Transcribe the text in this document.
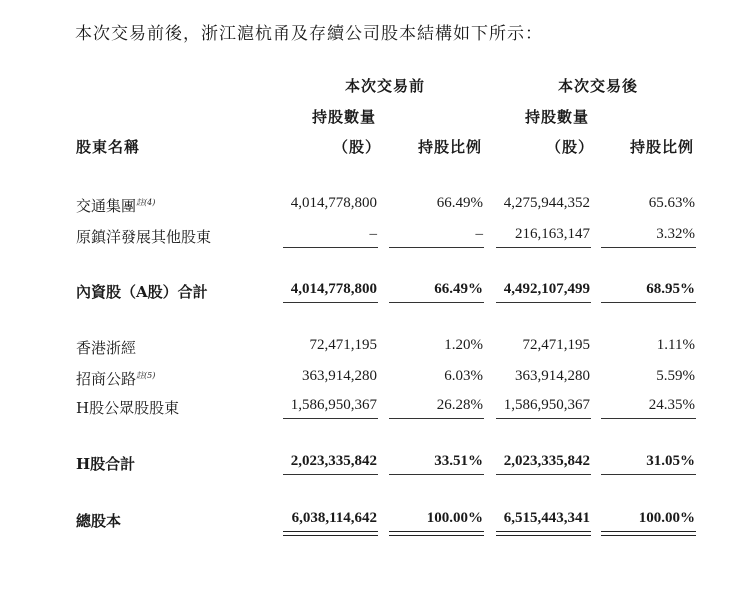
本次交易前後，浙江滬杭甬及存續公司股本結構如下所示：
本次交易前	本次交易後
持股數量	持股數量
股東名稱	（股） 持股比例	（股） 持股比例
交通集團$^{註(4)}$	4,014,778,800	66.49%	4,275,944,352	65.63%
原鎮洋發展其他股東	–	–	216,163,147	3.32%
內資股（A股）合計	4,014,778,800	66.49%	4,492,107,499	68.95%
香港浙經	72,471,195	1.20%	72,471,195	1.11%
招商公路$^{註(5)}$	363,914,280	6.03%	363,914,280	5.59%
H股公眾股股東	1,586,950,367	26.28%	1,586,950,367	24.35%
H股合計	2,023,335,842	33.51%	2,023,335,842	31.05%
總股本	6,038,114,642	100.00%	6,515,443,341	100.00%
